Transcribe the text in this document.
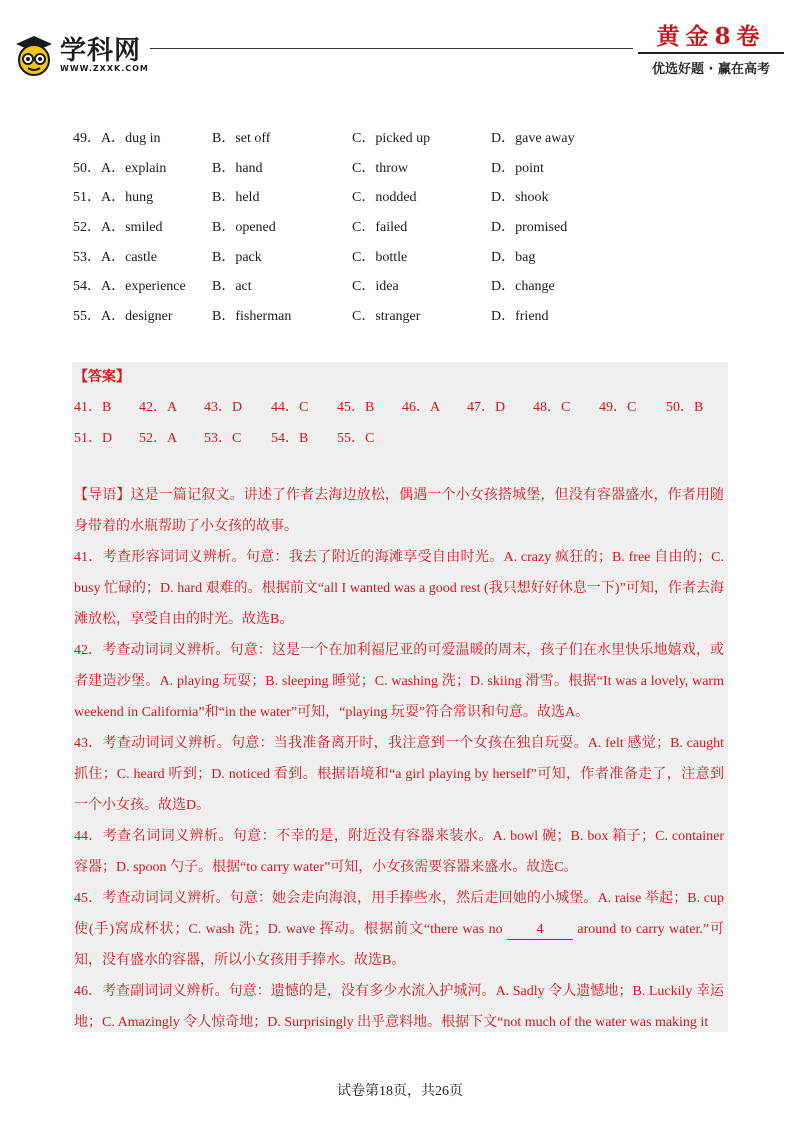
学科网
WWW.ZXXK.COM
黄金8卷
优选好题 · 赢在高考
49．A．dug in	B．set off	C．picked up	D．gave away
50．A．explain	B．hand	C．throw	D．point
51．A．hung	B．held	C．nodded	D．shook
52．A．smiled	B．opened	C．failed	D．promised
53．A．castle	B．pack	C．bottle	D．bag
54．A．experience B．act	C．idea	D．change
55．A．designer	B．fisherman	C．stranger	D．friend
【答案】
41．B 42．A 43．D 44．C 45．B 46．A 47．D 48．C 49．C 50．B
51．D 52．A 53．C 54．B 55．C

【导语】这是一篇记叙文。讲述了作者去海边放松，偶遇一个小女孩搭城堡，但没有容器盛水，作者用随身带着的水瓶帮助了小女孩的故事。

41．考查形容词词义辨析。句意：我去了附近的海滩享受自由时光。A. crazy 疯狂的；B. free 自由的；C. busy 忙碌的；D. hard 艰难的。根据前文“all I wanted was a good rest (我只想好好休息一下)”可知，作者去海滩放松，享受自由的时光。故选B。

42．考查动词词义辨析。句意：这是一个在加利福尼亚的可爱温暖的周末，孩子们在水里快乐地嬉戏，或者建造沙堡。A. playing 玩耍；B. sleeping 睡觉；C. washing 洗；D. skiing 滑雪。根据“It was a lovely, warm weekend in California”和“in the water”可知，“playing 玩耍”符合常识和句意。故选A。

43．考查动词词义辨析。句意：当我准备离开时，我注意到一个女孩在独自玩耍。A. felt 感觉；B. caught 抓住；C. heard 听到；D. noticed 看到。根据语境和“a girl playing by herself”可知，作者准备走了，注意到一个小女孩。故选D。

44．考查名词词义辨析。句意：不幸的是，附近没有容器来装水。A. bowl 碗；B. box 箱子；C. container 容器；D. spoon 勺子。根据“to carry water”可知，小女孩需要容器来盛水。故选C。

45．考查动词词义辨析。句意：她会走向海浪，用手捧些水，然后走回她的小城堡。A. raise 举起；B. cup 使(手)窝成杯状；C. wash 洗；D. wave 挥动。根据前文“there was no 4 around to carry water.”可知，没有盛水的容器，所以小女孩用手捧水。故选B。

46．考查副词词义辨析。句意：遗憾的是，没有多少水流入护城河。A. Sadly 令人遗憾地；B. Luckily 幸运地；C. Amazingly 令人惊奇地；D. Surprisingly 出乎意料地。根据下文“not much of the water was making it

试卷第18页，共26页
